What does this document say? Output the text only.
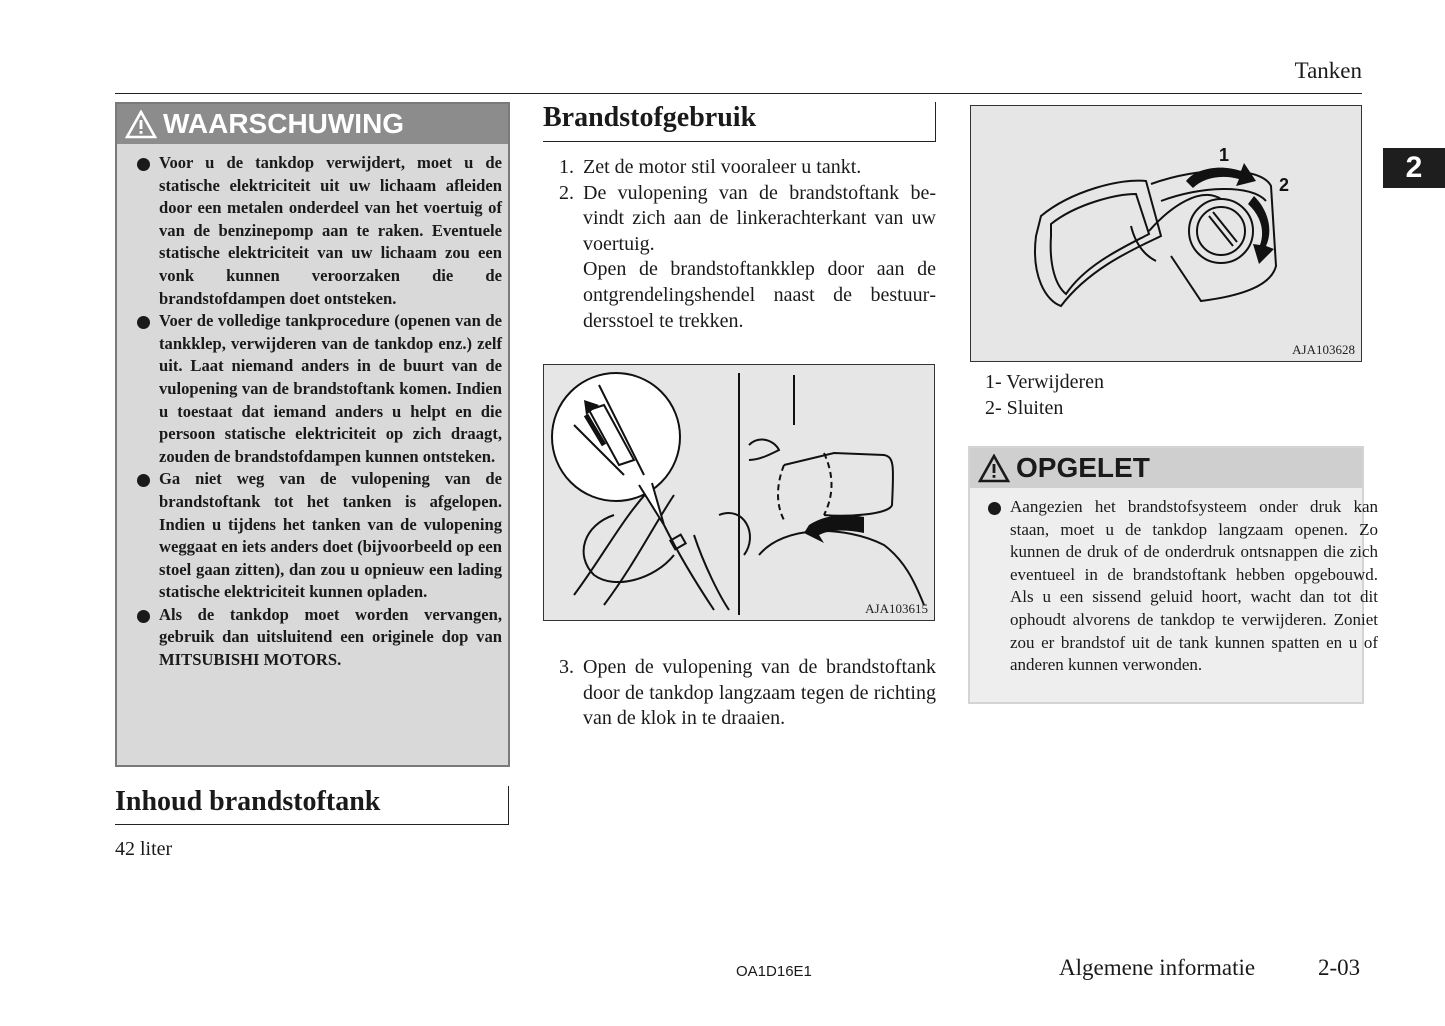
Tanken
2
WAARSCHUWING
Voor u de tankdop verwijdert, moet u de statische elektriciteit uit uw lichaam afleiden door een metalen onderdeel van het voertuig of van de benzinepomp aan te raken. Eventuele statische elektriciteit van uw lichaam zou een vonk kunnen veroorzaken die de brandstofdampen doet ontsteken.
Voer de volledige tankprocedure (openen van de tankklep, verwijderen van de tankdop enz.) zelf uit. Laat niemand anders in de buurt van de vulopening van de brandstoftank komen. Indien u toestaat dat iemand anders u helpt en die persoon statische elektriciteit op zich draagt, zouden de brandstofdampen kunnen ontsteken.
Ga niet weg van de vulopening van de brandstoftank tot het tanken is afgelopen. Indien u tijdens het tanken van de vulopening weggaat en iets anders doet (bijvoorbeeld op een stoel gaan zitten), dan zou u opnieuw een lading statische elektriciteit kunnen opladen.
Als de tankdop moet worden vervangen, gebruik dan uitsluitend een originele dop van MITSUBISHI MOTORS.
Inhoud brandstoftank
42 liter
Brandstofgebruik
1. Zet de motor stil vooraleer u tankt.
2. De vulopening van de brandstoftank bevindt zich aan de linkerachterkant van uw voertuig.
Open de brandstoftankklep door aan de ontgrendelingshendel naast de bestuurdersstoel te trekken.
AJA103615
3. Open de vulopening van de brandstoftank door de tankdop langzaam tegen de richting van de klok in te draaien.
1
2
AJA103628
1- Verwijderen
2- Sluiten
OPGELET
Aangezien het brandstofsysteem onder druk kan staan, moet u de tankdop langzaam openen. Zo kunnen de druk of de onderdruk ontsnappen die zich eventueel in de brandstoftank hebben opgebouwd. Als u een sissend geluid hoort, wacht dan tot dit ophoudt alvorens de tankdop te verwijderen. Zoniet zou er brandstof uit de tank kunnen spatten en u of anderen kunnen verwonden.
OA1D16E1	Algemene informatie	2-03
